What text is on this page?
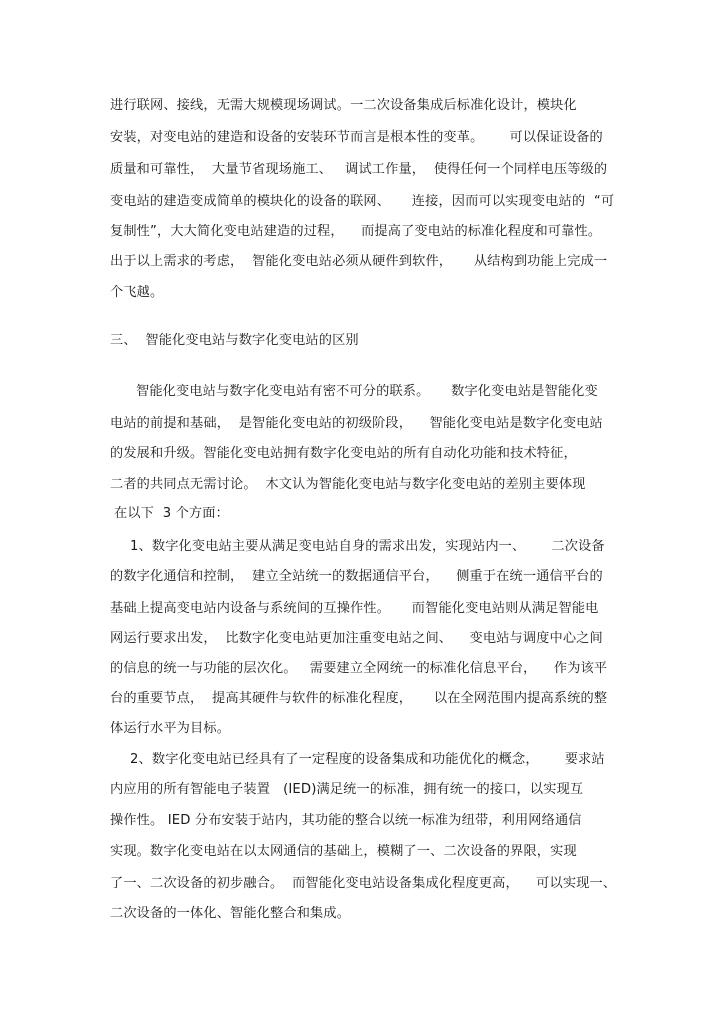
进行联网、接线，无需大规模现场调试。一二次设备集成后标准化设计，模块化
安装，对变电站的建造和设备的安装环节而言是根本性的变革。      可以保证设备的
质量和可靠性，  大量节省现场施工、   调试工作量，  使得任何一个同样电压等级的
变电站的建造变成简单的模块化的设备的联网、     连接，因而可以实现变电站的  “可
复制性”，大大简化变电站建造的过程，    而提高了变电站的标准化程度和可靠性。
出于以上需求的考虑，  智能化变电站必须从硬件到软件，     从结构到功能上完成一
个飞越。
三、  智能化变电站与数字化变电站的区别
智能化变电站与数字化变电站有密不可分的联系。     数字化变电站是智能化变
电站的前提和基础，  是智能化变电站的初级阶段，    智能化变电站是数字化变电站
的发展和升级。智能化变电站拥有数字化变电站的所有自动化功能和技术特征，
二者的共同点无需讨论。  木文认为智能化变电站与数字化变电站的差别主要体现
在以下  3 个方面：
1、数字化变电站主要从满足变电站自身的需求出发，实现站内一、      二次设备
的数字化通信和控制，  建立全站统一的数据通信平台，    侧重于在统一通信平台的
基础上提高变电站内设备与系统间的互操作性。     而智能化变电站则从满足智能电
网运行要求出发，  比数字化变电站更加注重变电站之间、    变电站与调度中心之间
的信息的统一与功能的层次化。   需要建立全网统一的标准化信息平台，    作为该平
台的重要节点，  提高其硬件与软件的标准化程度，     以在全网范围内提高系统的整
体运行水平为目标。
2、数字化变电站已经具有了一定程度的设备集成和功能优化的概念，      要求站
内应用的所有智能电子装置   (IED)满足统一的标准，拥有统一的接口，以实现互
操作性。 IED 分布安装于站内，其功能的整合以统一标准为纽带，利用网络通信
实现。数字化变电站在以太网通信的基础上，模糊了一、二次设备的界限，实现
了一、二次设备的初步融合。  而智能化变电站设备集成化程度更高，    可以实现一、
二次设备的一体化、智能化整合和集成。
